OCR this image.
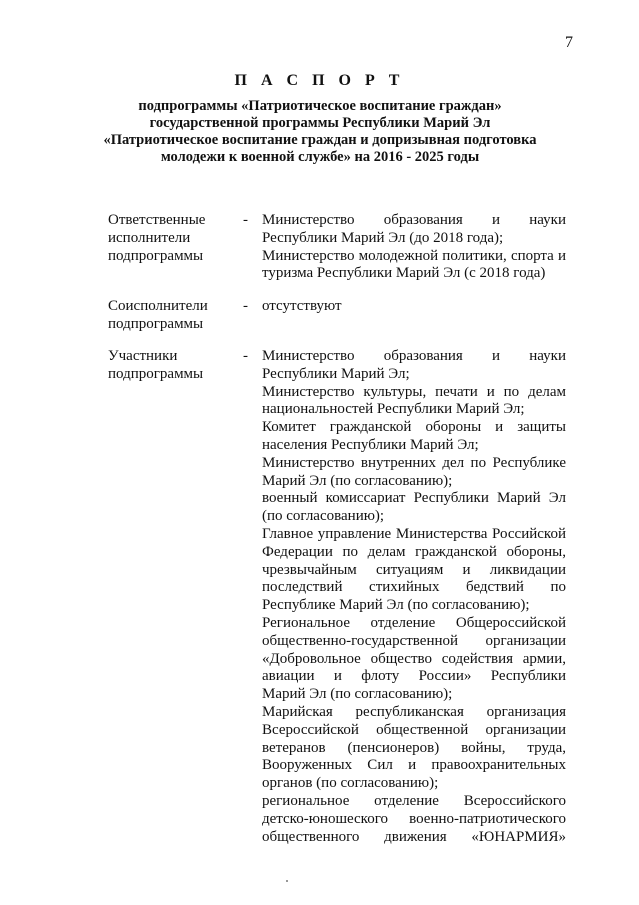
7
П А С П О Р Т
подпрограммы «Патриотическое воспитание граждан»
государственной программы Республики Марий Эл
«Патриотическое воспитание граждан и допризывная подготовка
молодежи к военной службе» на 2016 - 2025 годы
Ответственные
исполнители
подпрограммы
- Министерство образования и науки
Республики Марий Эл (до 2018 года);
Министерство молодежной политики, спорта и
туризма Республики Марий Эл (с 2018 года)
Соисполнители
подпрограммы
- отсутствуют
Участники
подпрограммы
- Министерство образования и науки
Республики Марий Эл;
Министерство культуры, печати и по делам
национальностей Республики Марий Эл;
Комитет гражданской обороны и защиты
населения Республики Марий Эл;
Министерство внутренних дел по Республике
Марий Эл (по согласованию);
военный комиссариат Республики Марий Эл
(по согласованию);
Главное управление Министерства Российской
Федерации по делам гражданской обороны,
чрезвычайным ситуациям и ликвидации
последствий стихийных бедствий по
Республике Марий Эл (по согласованию);
Региональное отделение Общероссийской
общественно-государственной организации
«Добровольное общество содействия армии,
авиации и флоту России» Республики
Марий Эл (по согласованию);
Марийская республиканская организация
Всероссийской общественной организации
ветеранов (пенсионеров) войны, труда,
Вооруженных Сил и правоохранительных
органов (по согласованию);
региональное отделение Всероссийского
детско-юношеского военно-патриотического
общественного движения «ЮНАРМИЯ»
